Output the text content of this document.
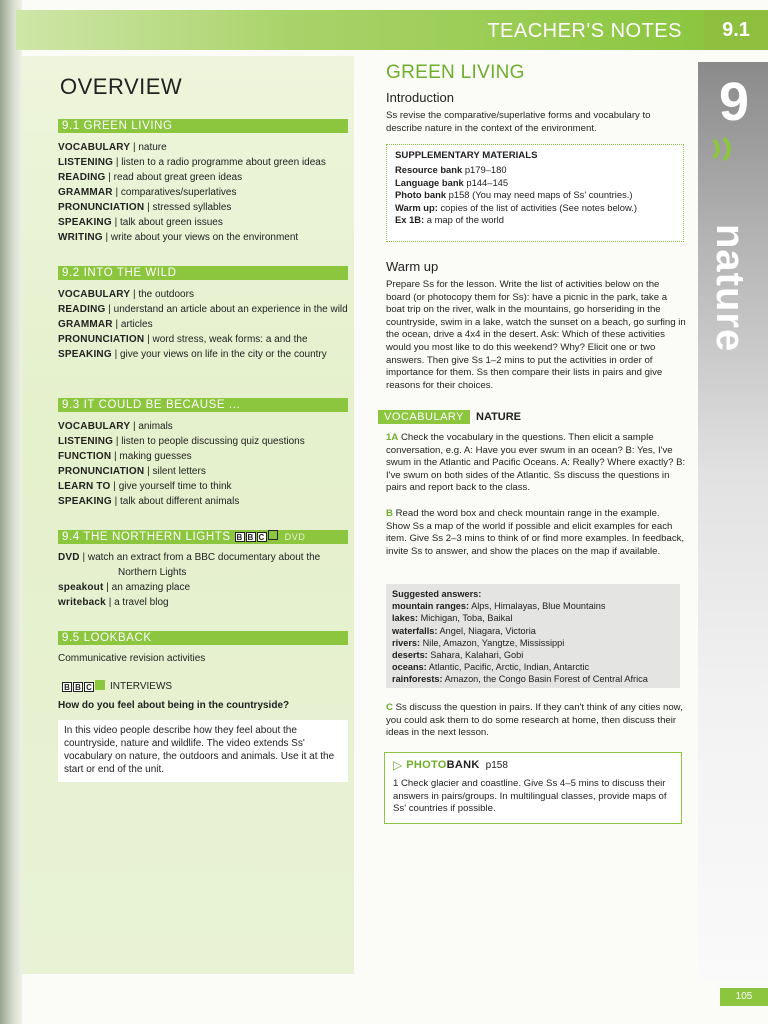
TEACHER'S NOTES	9.1
OVERVIEW
9.1 GREEN LIVING
VOCABULARY | nature
LISTENING | listen to a radio programme about green ideas
READING | read about great green ideas
GRAMMAR | comparatives/superlatives
PRONUNCIATION | stressed syllables
SPEAKING | talk about green issues
WRITING | write about your views on the environment
9.2 INTO THE WILD
VOCABULARY | the outdoors
READING | understand an article about an experience in the wild
GRAMMAR | articles
PRONUNCIATION | word stress, weak forms: a and the
SPEAKING | give your views on life in the city or the country
9.3 IT COULD BE BECAUSE ...
VOCABULARY | animals
LISTENING | listen to people discussing quiz questions
FUNCTION | making guesses
PRONUNCIATION | silent letters
LEARN TO | give yourself time to think
SPEAKING | talk about different animals
9.4 THE NORTHERN LIGHTS B B C DVD
DVD | watch an extract from a BBC documentary about the Northern Lights
speakout | an amazing place
writeback | a travel blog
9.5 LOOKBACK
Communicative revision activities
B B C	INTERVIEWS
How do you feel about being in the countryside?
In this video people describe how they feel about the countryside, nature and wildlife. The video extends Ss' vocabulary on nature, the outdoors and animals. Use it at the start or end of the unit.
GREEN LIVING
Introduction
Ss revise the comparative/superlative forms and vocabulary to describe nature in the context of the environment.
SUPPLEMENTARY MATERIALS
Resource bank p179–180
Language bank p144–145
Photo bank p158 (You may need maps of Ss' countries.)
Warm up: copies of the list of activities (See notes below.)
Ex 1B: a map of the world
Warm up
Prepare Ss for the lesson. Write the list of activities below on the board (or photocopy them for Ss): have a picnic in the park, take a boat trip on the river, walk in the mountains, go horseriding in the countryside, swim in a lake, watch the sunset on a beach, go surfing in the ocean, drive a 4x4 in the desert. Ask: Which of these activities would you most like to do this weekend? Why? Elicit one or two answers. Then give Ss 1–2 mins to put the activities in order of importance for them. Ss then compare their lists in pairs and give reasons for their choices.
VOCABULARY	NATURE
1A Check the vocabulary in the questions. Then elicit a sample conversation, e.g. A: Have you ever swum in an ocean? B: Yes, I've swum in the Atlantic and Pacific Oceans. A: Really? Where exactly? B: I've swum on both sides of the Atlantic. Ss discuss the questions in pairs and report back to the class.
B Read the word box and check mountain range in the example. Show Ss a map of the world if possible and elicit examples for each item. Give Ss 2–3 mins to think of or find more examples. In feedback, invite Ss to answer, and show the places on the map if available.
Suggested answers:
mountain ranges: Alps, Himalayas, Blue Mountains
lakes: Michigan, Toba, Baikal
waterfalls: Angel, Niagara, Victoria
rivers: Nile, Amazon, Yangtze, Mississippi
deserts: Sahara, Kalahari, Gobi
oceans: Atlantic, Pacific, Arctic, Indian, Antarctic
rainforests: Amazon, the Congo Basin Forest of Central Africa
C Ss discuss the question in pairs. If they can't think of any cities now, you could ask them to do some research at home, then discuss their ideas in the next lesson.
▷ PHOTOBANK p158
1 Check glacier and coastline. Give Ss 4–5 mins to discuss their answers in pairs/groups. In multilingual classes, provide maps of Ss' countries if possible.
9
nature
105
